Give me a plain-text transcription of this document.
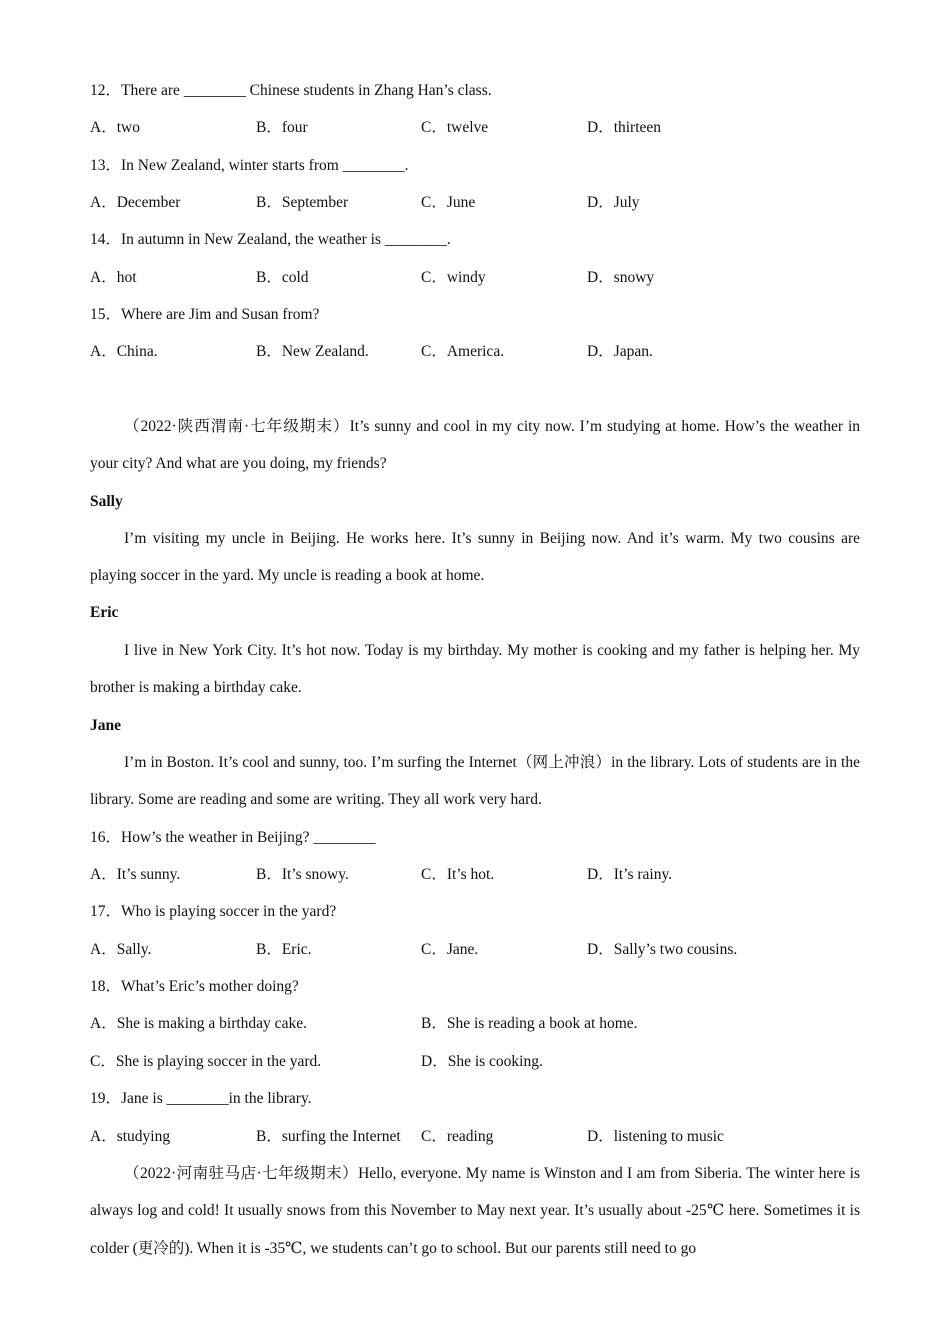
12．There are ________ Chinese students in Zhang Han’s class.
A．two	B．four	C．twelve	D．thirteen
13．In New Zealand, winter starts from ________.
A．December	B．September	C．June	D．July
14．In autumn in New Zealand, the weather is ________.
A．hot	B．cold	C．windy	D．snowy
15．Where are Jim and Susan from?
A．China.	B．New Zealand.	C．America.	D．Japan.
（2022·陕西渭南·七年级期末）It’s sunny and cool in my city now. I’m studying at home. How’s the weather in your city? And what are you doing, my friends?
Sally
I’m visiting my uncle in Beijing. He works here. It’s sunny in Beijing now. And it’s warm. My two cousins are playing soccer in the yard. My uncle is reading a book at home.
Eric
I live in New York City. It’s hot now. Today is my birthday. My mother is cooking and my father is helping her. My brother is making a birthday cake.
Jane
I’m in Boston. It’s cool and sunny, too. I’m surfing the Internet（网上冲浪）in the library. Lots of students are in the library. Some are reading and some are writing. They all work very hard.
16．How’s the weather in Beijing? ________
A．It’s sunny.	B．It’s snowy.	C．It’s hot.	D．It’s rainy.
17．Who is playing soccer in the yard?
A．Sally.	B．Eric.	C．Jane.	D．Sally’s two cousins.
18．What’s Eric’s mother doing?
A．She is making a birthday cake.	B．She is reading a book at home.
C．She is playing soccer in the yard.	D．She is cooking.
19．Jane is ________in the library.
A．studying	B．surfing the Internet C．reading	D．listening to music
（2022·河南驻马店·七年级期末）Hello, everyone. My name is Winston and I am from Siberia. The winter here is always log and cold! It usually snows from this November to May next year. It’s usually about -25℃ here. Sometimes it is colder (更冷的). When it is -35℃, we students can’t go to school. But our parents still need to go
